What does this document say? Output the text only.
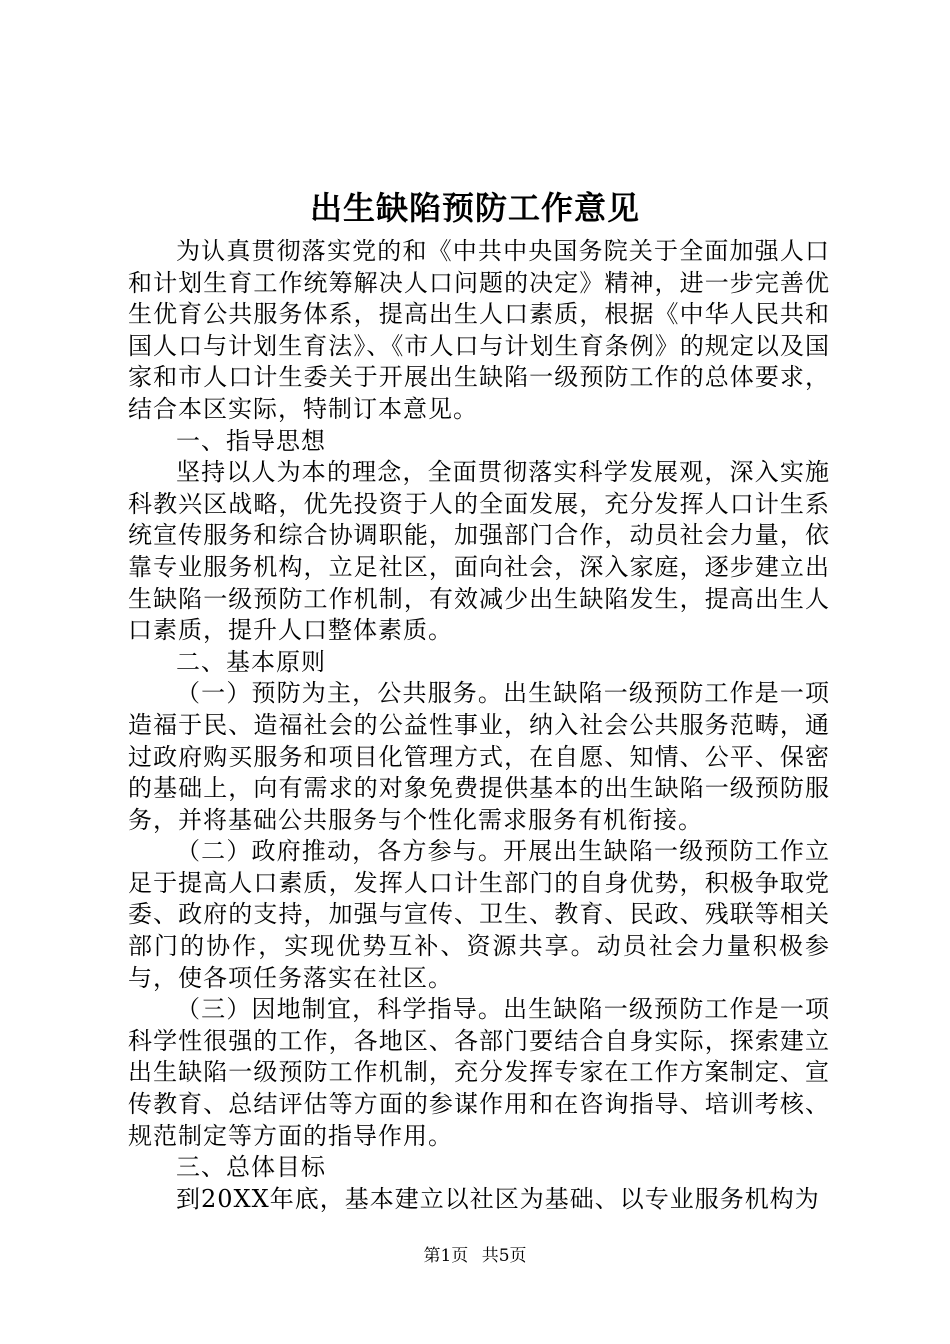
出生缺陷预防工作意见

为认真贯彻落实党的和《中共中央国务院关于全面加强人口和计划生育工作统筹解决人口问题的决定》精神，进一步完善优生优育公共服务体系，提高出生人口素质，根据《中华人民共和国人口与计划生育法》、《市人口与计划生育条例》的规定以及国家和市人口计生委关于开展出生缺陷一级预防工作的总体要求，结合本区实际，特制订本意见。

一、指导思想

坚持以人为本的理念，全面贯彻落实科学发展观，深入实施科教兴区战略，优先投资于人的全面发展，充分发挥人口计生系统宣传服务和综合协调职能，加强部门合作，动员社会力量，依靠专业服务机构，立足社区，面向社会，深入家庭，逐步建立出生缺陷一级预防工作机制，有效减少出生缺陷发生，提高出生人口素质，提升人口整体素质。

二、基本原则

（一）预防为主，公共服务。出生缺陷一级预防工作是一项造福于民、造福社会的公益性事业，纳入社会公共服务范畴，通过政府购买服务和项目化管理方式，在自愿、知情、公平、保密的基础上，向有需求的对象免费提供基本的出生缺陷一级预防服务，并将基础公共服务与个性化需求服务有机衔接。

（二）政府推动，各方参与。开展出生缺陷一级预防工作立足于提高人口素质，发挥人口计生部门的自身优势，积极争取党委、政府的支持，加强与宣传、卫生、教育、民政、残联等相关部门的协作，实现优势互补、资源共享。动员社会力量积极参与，使各项任务落实在社区。

（三）因地制宜，科学指导。出生缺陷一级预防工作是一项科学性很强的工作，各地区、各部门要结合自身实际，探索建立出生缺陷一级预防工作机制，充分发挥专家在工作方案制定、宣传教育、总结评估等方面的参谋作用和在咨询指导、培训考核、规范制定等方面的指导作用。

三、总体目标

到20XX年底，基本建立以社区为基础、以专业服务机构为

第1页 共5页
